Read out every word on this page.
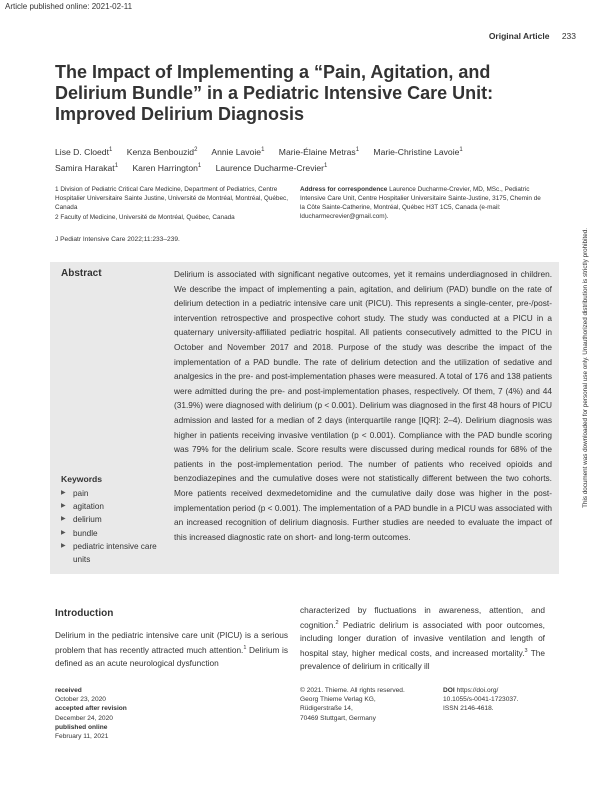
Article published online: 2021-02-11
Original Article 233
The Impact of Implementing a “Pain, Agitation, and Delirium Bundle” in a Pediatric Intensive Care Unit: Improved Delirium Diagnosis
Lise D. Cloedt$^1$ Kenza Benbouzid$^2$ Annie Lavoie$^1$ Marie-Élaine Metras$^1$ Marie-Christine Lavoie$^1$
Samira Harakat$^1$ Karen Harrington$^1$ Laurence Ducharme-Crevier$^1$

1 Division of Pediatric Critical Care Medicine, Department of Pediatrics, Centre Hospitalier Universitaire Sainte Justine, Université de Montréal, Montréal, Québec, Canada

2 Faculty of Medicine, Université de Montréal, Québec, Canada

Address for correspondence Laurence Ducharme-Crevier, MD, MSc., Pediatric Intensive Care Unit, Centre Hospitalier Universitaire Sainte-Justine, 3175, Chemin de la Côte Sainte-Catherine, Montréal, Québec H3T 1C5, Canada (e-mail: lducharmecrevier@gmail.com).
J Pediatr Intensive Care 2022;11:233–239.
Abstract	Delirium is associated with significant negative outcomes, yet it remains underdiagnosed in children. We describe the impact of implementing a pain, agitation, and delirium (PAD) bundle on the rate of delirium detection in a pediatric intensive care unit (PICU). This represents a single-center, pre-/post-intervention retrospective and prospective cohort study. The study was conducted at a PICU in a quaternary university-affiliated pediatric hospital. All patients consecutively admitted to the PICU in October and November 2017 and 2018. Purpose of the study was describe the impact of the implementation of a PAD bundle. The rate of delirium detection and the utilization of sedative and analgesics in the pre- and post-implementation phases were measured. A total of 176 and 138 patients were admitted during the pre- and post-implementation phases, respectively. Of them, 7 (4%) and 44 (31.9%) were diagnosed with delirium (p < 0.001). Delirium was diagnosed in the first 48 hours of PICU admission and lasted for a median of 2 days (interquartile range [IQR]: 2–4). Delirium diagnosis was higher in patients receiving invasive ventilation (p < 0.001). Compliance with the PAD bundle scoring was 79% for the delirium scale. Score results were discussed during medical rounds for 68% of the patients in the post-implementation period. The number of patients who received opioids and benzodiazepines and the cumulative doses were not statistically different between the two cohorts. More patients received dexmedetomidine and the cumulative daily dose was higher in the post-implementation period (p < 0.001). The implementation of a PAD bundle in a PICU was associated with an increased recognition of delirium diagnosis. Further studies are needed to evaluate the impact of this increased diagnostic rate on short- and long-term outcomes.
Keywords
▶ pain
▶ agitation
▶ delirium
▶ bundle
▶ pediatric intensive care units
This document was downloaded for personal use only. Unauthorized distribution is strictly prohibited.
Introduction
Delirium in the pediatric intensive care unit (PICU) is a serious problem that has recently attracted much attention.$^1$ Delirium is defined as an acute neurological dysfunction
characterized by fluctuations in awareness, attention, and cognition.$^2$ Pediatric delirium is associated with poor outcomes, including longer duration of invasive ventilation and length of hospital stay, higher medical costs, and increased mortality.$^3$ The prevalence of delirium in critically ill
received
October 23, 2020
accepted after revision
December 24, 2020
published online
February 11, 2021
© 2021. Thieme. All rights reserved.
Georg Thieme Verlag KG,
Rüdigerstraße 14,
70469 Stuttgart, Germany
DOI https://doi.org/
10.1055/s-0041-1723037.
ISSN 2146-4618.
